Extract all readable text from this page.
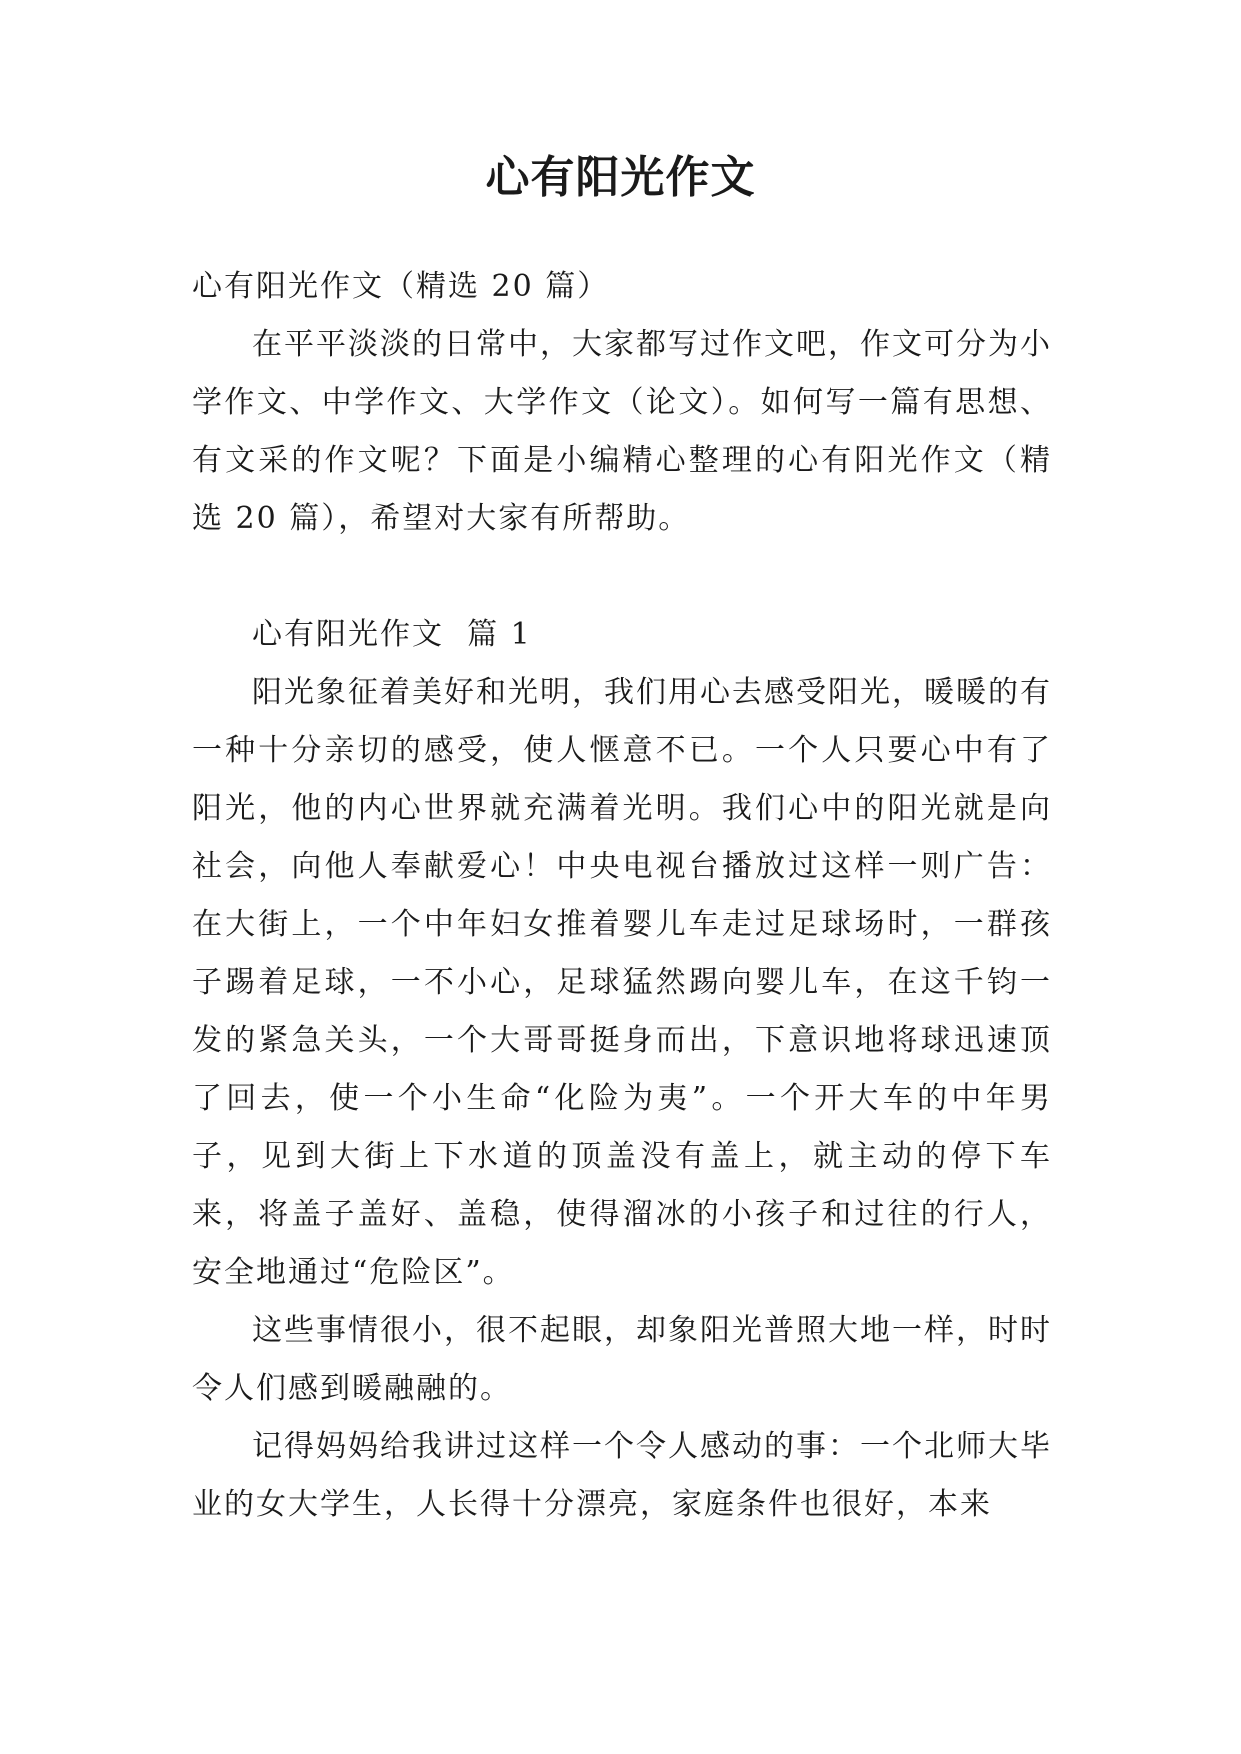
心有阳光作文

心有阳光作文（精选 20 篇）

在平平淡淡的日常中，大家都写过作文吧，作文可分为小学作文、中学作文、大学作文（论文）。如何写一篇有思想、有文采的作文呢？下面是小编精心整理的心有阳光作文（精选 20 篇），希望对大家有所帮助。

心有阳光作文  篇 1

阳光象征着美好和光明，我们用心去感受阳光，暖暖的有一种十分亲切的感受，使人惬意不已。一个人只要心中有了阳光，他的内心世界就充满着光明。我们心中的阳光就是向社会，向他人奉献爱心！中央电视台播放过这样一则广告：在大街上，一个中年妇女推着婴儿车走过足球场时，一群孩子踢着足球，一不小心，足球猛然踢向婴儿车，在这千钧一发的紧急关头，一个大哥哥挺身而出，下意识地将球迅速顶了回去，使一个小生命“化险为夷”。一个开大车的中年男子，见到大街上下水道的顶盖没有盖上，就主动的停下车来，将盖子盖好、盖稳，使得溜冰的小孩子和过往的行人，安全地通过“危险区”。

这些事情很小，很不起眼，却象阳光普照大地一样，时时令人们感到暖融融的。

记得妈妈给我讲过这样一个令人感动的事：一个北师大毕业的女大学生，人长得十分漂亮，家庭条件也很好，本来
